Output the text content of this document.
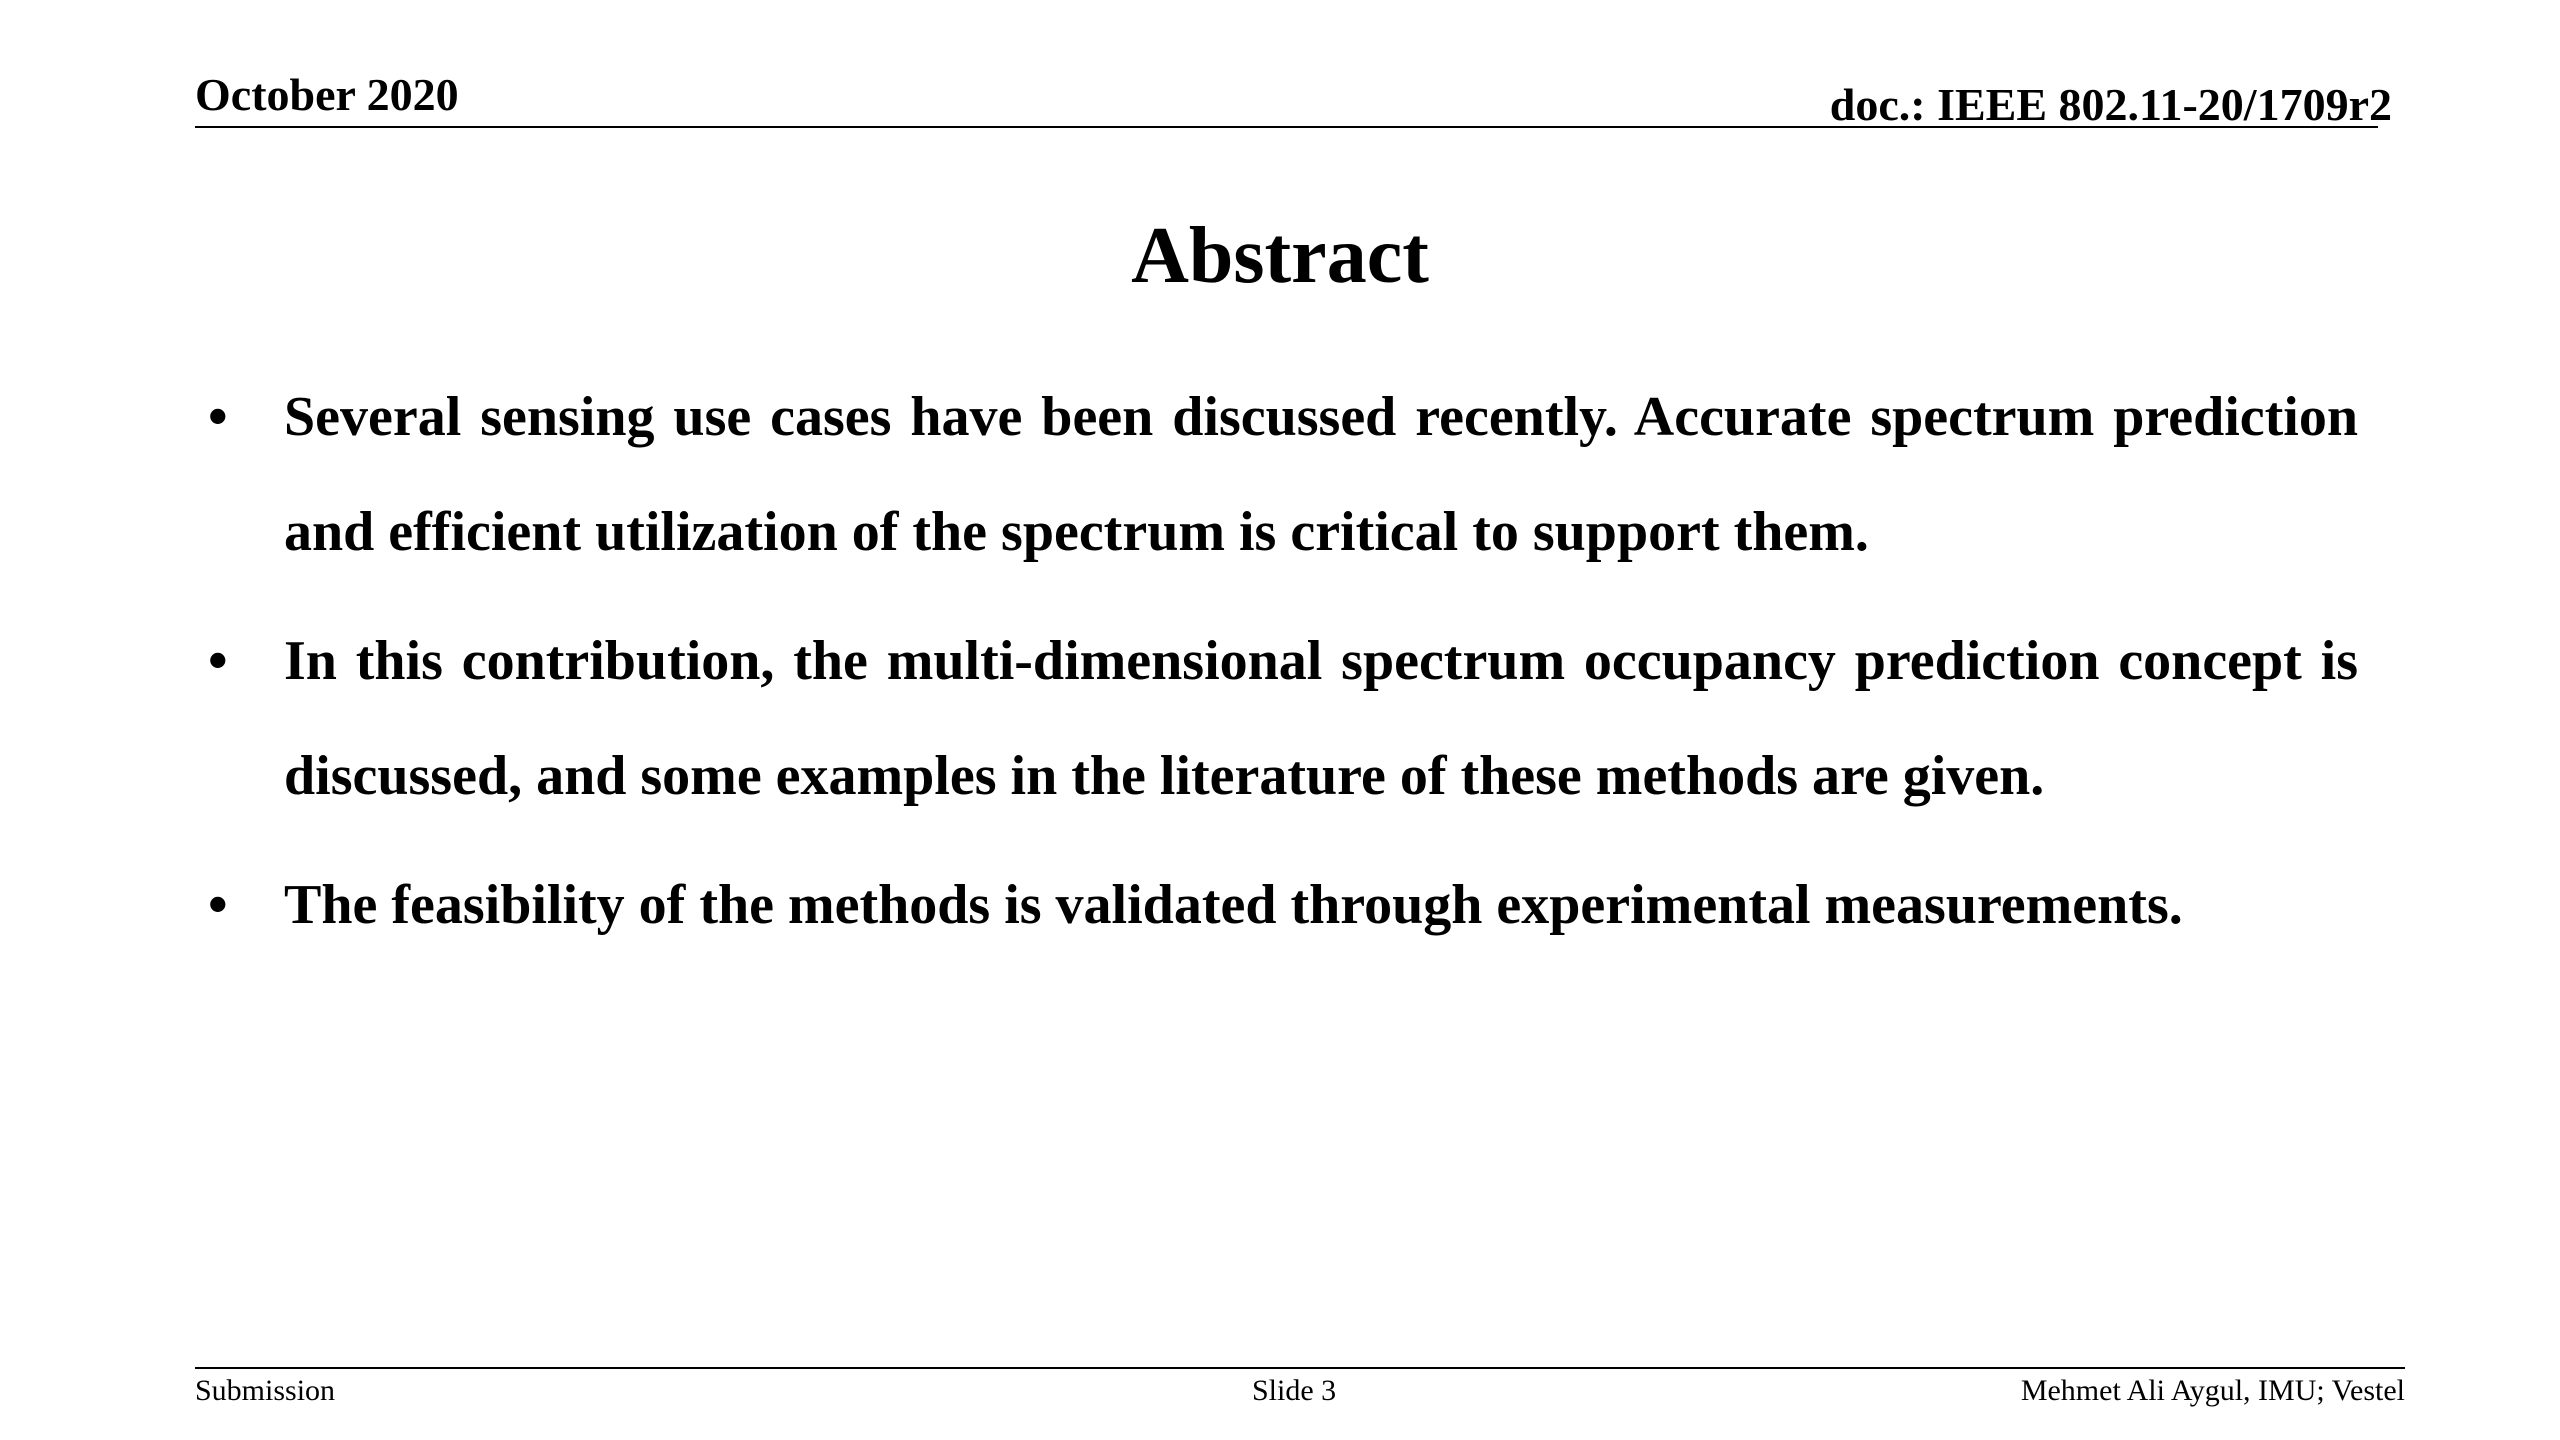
October 2020	doc.: IEEE 802.11-20/1709r2
Abstract
• Several sensing use cases have been discussed recently. Accurate spectrum prediction and efficient utilization of the spectrum is critical to support them.
• In this contribution, the multi-dimensional spectrum occupancy prediction concept is discussed, and some examples in the literature of these methods are given.
• The feasibility of the methods is validated through experimental measurements.
Submission	Slide 3	Mehmet Ali Aygul, IMU; Vestel
